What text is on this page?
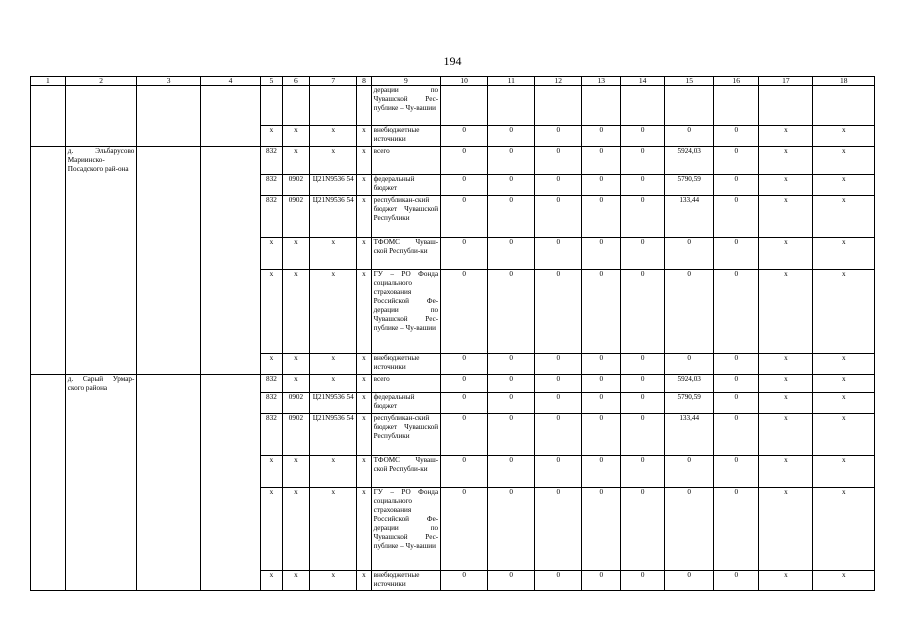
194
1	2	3	4	5	6	7	8	9	10	11	12	13	14	15	16	17	18
								дерации по Чувашской Рес-публике – Чу-вашии									
				х	х	х	х	внебюджетные источники	0	0	0	0	0	0	0	х	х
	д. Эльбарусово Мариинско-Посадского рай-она			832	х	х	х	всего	0	0	0	0	0	5924,03	0	х	х
				832	0902	Ц21N9536 54	х	федеральный бюджет	0	0	0	0	0	5790,59	0	х	х
				832	0902	Ц21N9536 54	х	республикан-ский бюджет Чувашской Республики	0	0	0	0	0	133,44	0	х	х
				х	х	х	х	ТФОМС Чуваш-ской Республи-ки	0	0	0	0	0	0	0	х	х
				х	х	х	х	ГУ – РО Фонда социального страхования Российской Фе-дерации по Чувашской Рес-публике – Чу-вашии	0	0	0	0	0	0	0	х	х
				х	х	х	х	внебюджетные источники	0	0	0	0	0	0	0	х	х
	д. Сарый Урмар-ского района			832	х	х	х	всего	0	0	0	0	0	5924,03	0	х	х
				832	0902	Ц21N9536 54	х	федеральный бюджет	0	0	0	0	0	5790,59	0	х	х
				832	0902	Ц21N9536 54	х	республикан-ский бюджет Чувашской Республики	0	0	0	0	0	133,44	0	х	х
				х	х	х	х	ТФОМС Чуваш-ской Республи-ки	0	0	0	0	0	0	0	х	х
				х	х	х	х	ГУ – РО Фонда социального страхования Российской Фе-дерации по Чувашской Рес-публике – Чу-вашии	0	0	0	0	0	0	0	х	х
				х	х	х	х	внебюджетные источники	0	0	0	0	0	0	0	х	х
